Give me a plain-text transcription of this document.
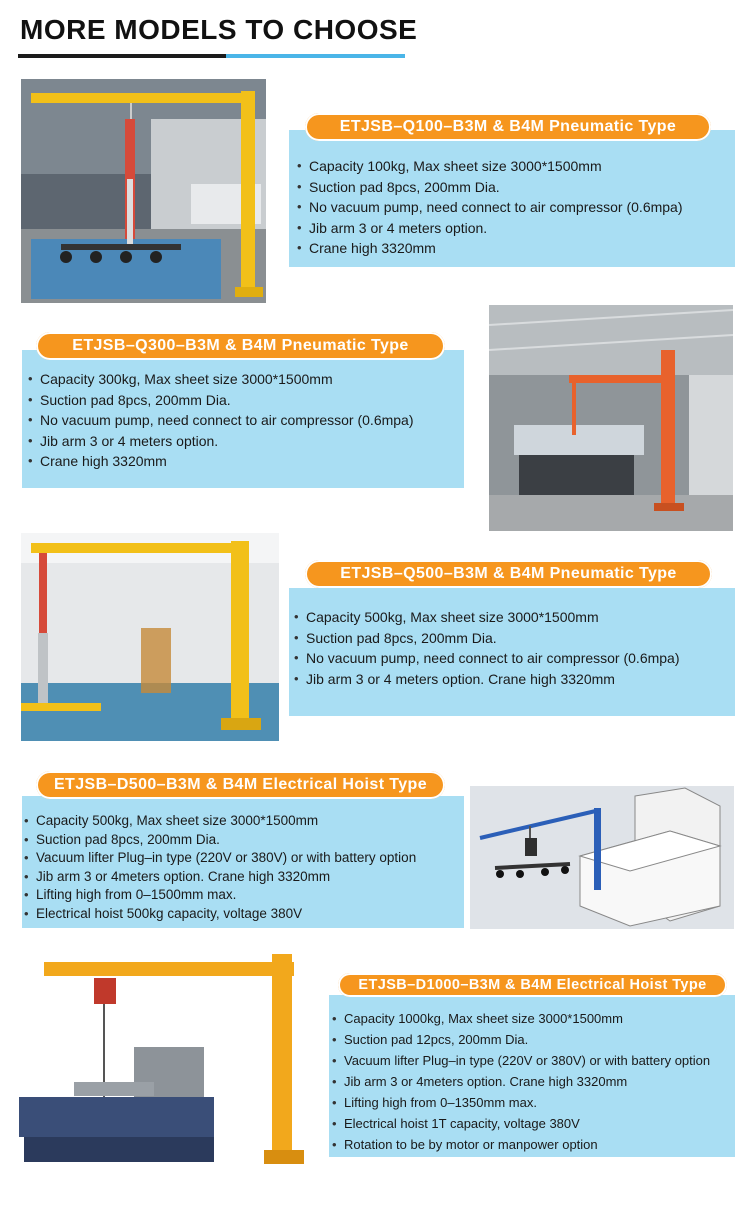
MORE MODELS TO CHOOSE
ETJSB–Q100–B3M & B4M Pneumatic Type
• Capacity 100kg, Max sheet size 3000*1500mm
• Suction pad 8pcs, 200mm Dia.
• No vacuum pump, need connect to air compressor (0.6mpa)
• Jib arm 3 or 4 meters option.
• Crane high 3320mm
ETJSB–Q300–B3M & B4M Pneumatic Type
• Capacity 300kg, Max sheet size 3000*1500mm
• Suction pad 8pcs, 200mm Dia.
• No vacuum pump, need connect to air compressor (0.6mpa)
• Jib arm 3 or 4 meters option.
• Crane high 3320mm
ETJSB–Q500–B3M & B4M Pneumatic Type
• Capacity 500kg, Max sheet size 3000*1500mm
• Suction pad 8pcs, 200mm Dia.
• No vacuum pump, need connect to air compressor (0.6mpa)
• Jib arm 3 or 4 meters option. Crane high 3320mm
ETJSB–D500–B3M & B4M Electrical Hoist Type
• Capacity 500kg, Max sheet size 3000*1500mm
• Suction pad 8pcs, 200mm Dia.
• Vacuum lifter Plug–in type (220V or 380V) or with battery option
• Jib arm 3 or 4meters option. Crane high 3320mm
• Lifting high from 0–1500mm max.
• Electrical hoist 500kg capacity, voltage 380V
ETJSB–D1000–B3M & B4M Electrical Hoist Type
• Capacity 1000kg, Max sheet size 3000*1500mm
• Suction pad 12pcs, 200mm Dia.
• Vacuum lifter Plug–in type (220V or 380V) or with battery option
• Jib arm 3 or 4meters option. Crane high 3320mm
• Lifting high from 0–1350mm max.
• Electrical hoist 1T capacity, voltage 380V
• Rotation to be by motor or manpower option
